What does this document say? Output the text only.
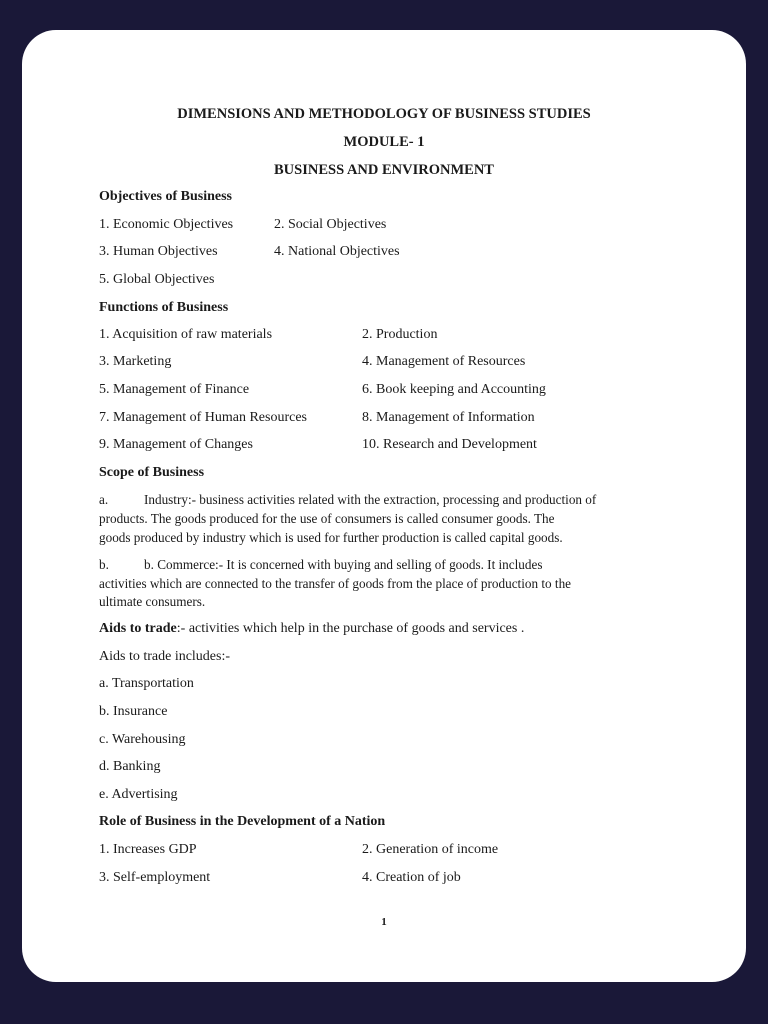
DIMENSIONS AND METHODOLOGY OF BUSINESS STUDIES
MODULE- 1
BUSINESS AND ENVIRONMENT
Objectives of Business
1. Economic Objectives	2. Social Objectives
3. Human Objectives	4. National Objectives
5. Global Objectives
Functions of Business
1. Acquisition of raw materials	2. Production
3. Marketing	4. Management of Resources
5. Management of Finance	6. Book keeping and Accounting
7. Management of Human Resources	8. Management of Information
9. Management of Changes	10. Research and Development
Scope of Business
a.	Industry:- business activities related with the extraction, processing and production of
products. The goods produced for the use of consumers is called consumer goods. The
goods produced by industry which is used for further production is called capital goods.
b.	b. Commerce:- It is concerned with buying and selling of goods. It includes
activities which are connected to the transfer of goods from the place of production to the
ultimate consumers.
Aids to trade:- activities which help in the purchase of goods and services .
Aids to trade includes:-
a. Transportation
b. Insurance
c. Warehousing
d. Banking
e. Advertising
Role of Business in the Development of a Nation
1. Increases GDP	2. Generation of income
3. Self-employment	4. Creation of job
1
